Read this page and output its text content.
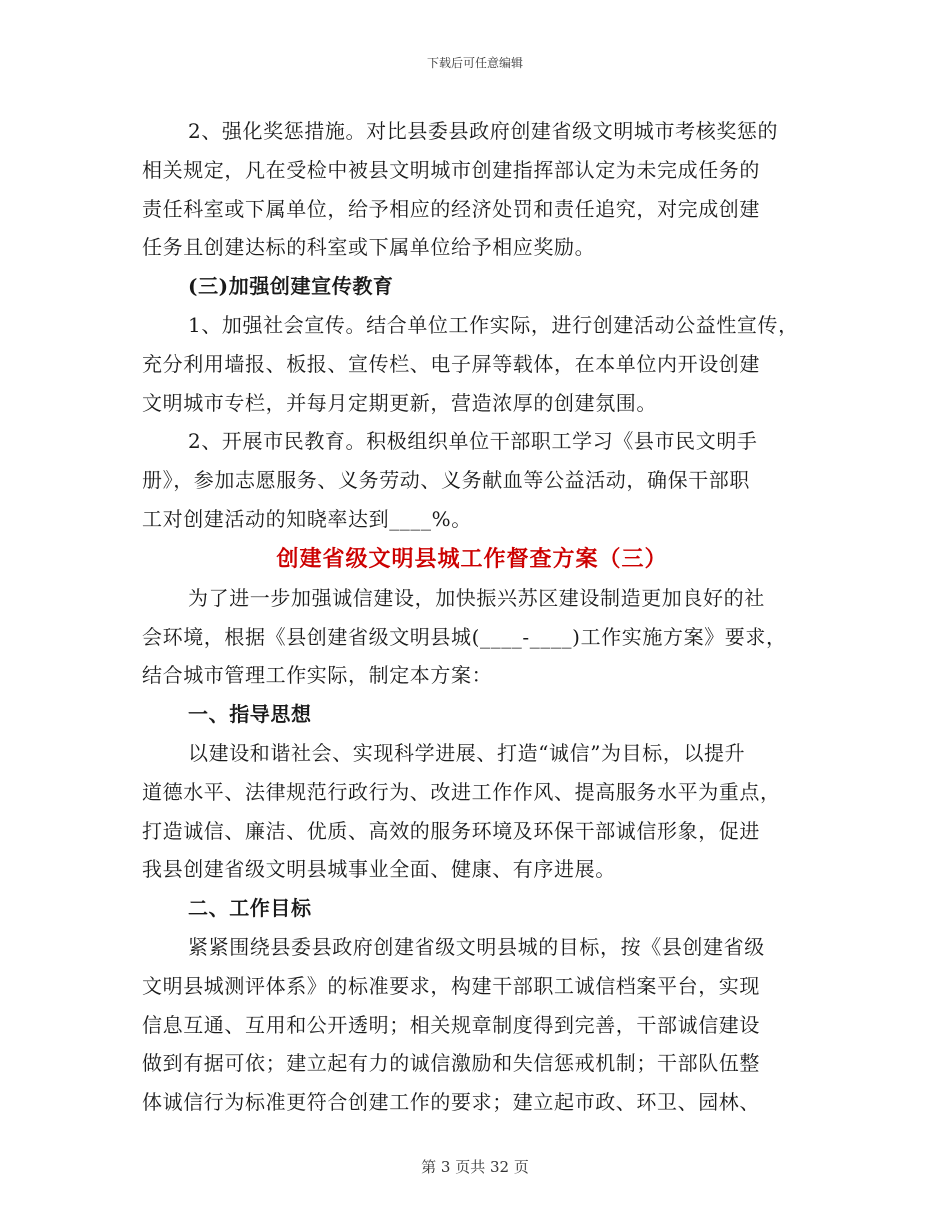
下载后可任意编辑
2、强化奖惩措施。对比县委县政府创建省级文明城市考核奖惩的
相关规定，凡在受检中被县文明城市创建指挥部认定为未完成任务的
责任科室或下属单位，给予相应的经济处罚和责任追究，对完成创建
任务且创建达标的科室或下属单位给予相应奖励。
(三)加强创建宣传教育
1、加强社会宣传。结合单位工作实际，进行创建活动公益性宣传，
充分利用墙报、板报、宣传栏、电子屏等载体，在本单位内开设创建
文明城市专栏，并每月定期更新，营造浓厚的创建氛围。
2、开展市民教育。积极组织单位干部职工学习《县市民文明手
册》，参加志愿服务、义务劳动、义务献血等公益活动，确保干部职
工对创建活动的知晓率达到____%。
创建省级文明县城工作督查方案（三）
为了进一步加强诚信建设，加快振兴苏区建设制造更加良好的社
会环境，根据《县创建省级文明县城(____-____)工作实施方案》要求，
结合城市管理工作实际，制定本方案：
一、指导思想
以建设和谐社会、实现科学进展、打造“诚信”为目标，以提升
道德水平、法律规范行政行为、改进工作作风、提高服务水平为重点，
打造诚信、廉洁、优质、高效的服务环境及环保干部诚信形象，促进
我县创建省级文明县城事业全面、健康、有序进展。
二、工作目标
紧紧围绕县委县政府创建省级文明县城的目标，按《县创建省级
文明县城测评体系》的标准要求，构建干部职工诚信档案平台，实现
信息互通、互用和公开透明；相关规章制度得到完善，干部诚信建设
做到有据可依；建立起有力的诚信激励和失信惩戒机制；干部队伍整
体诚信行为标准更符合创建工作的要求；建立起市政、环卫、园林、
第 3 页共 32 页
